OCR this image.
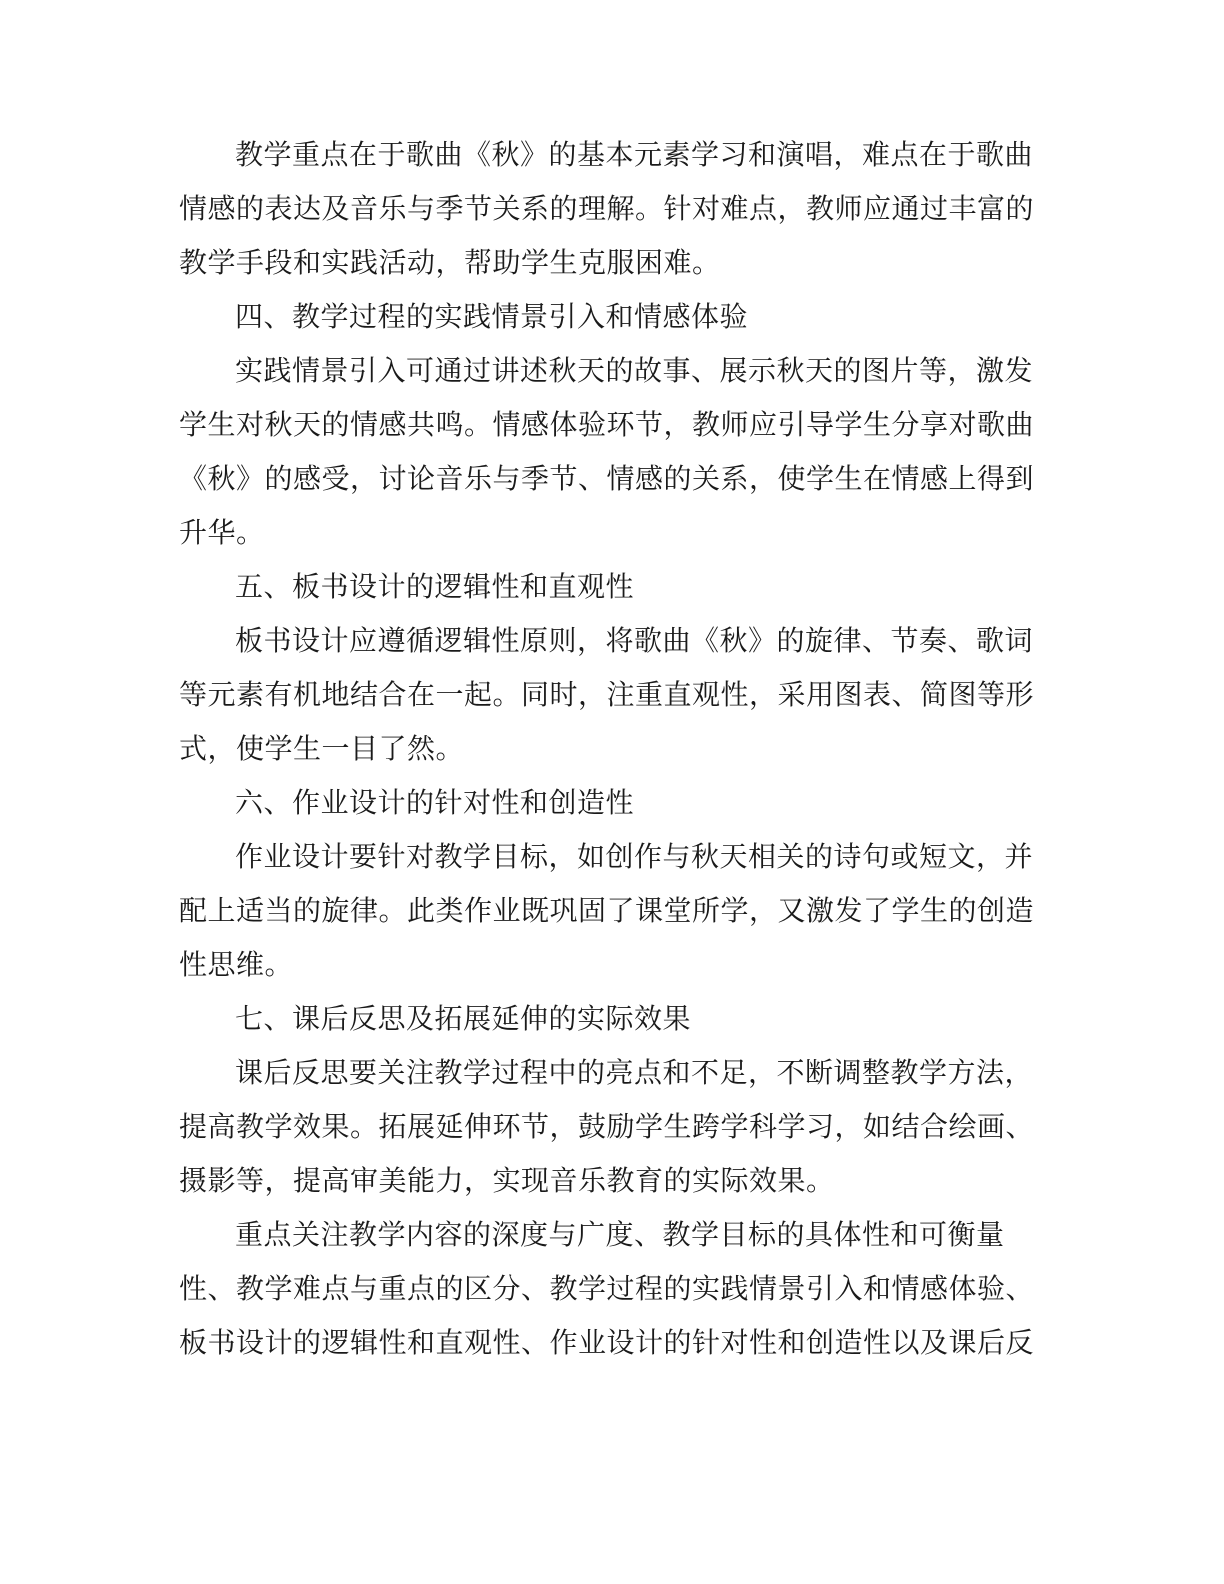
教学重点在于歌曲《秋》的基本元素学习和演唱，难点在于歌曲
情感的表达及音乐与季节关系的理解。针对难点，教师应通过丰富的
教学手段和实践活动，帮助学生克服困难。
四、教学过程的实践情景引入和情感体验
实践情景引入可通过讲述秋天的故事、展示秋天的图片等，激发
学生对秋天的情感共鸣。情感体验环节，教师应引导学生分享对歌曲
《秋》的感受，讨论音乐与季节、情感的关系，使学生在情感上得到
升华。
五、板书设计的逻辑性和直观性
板书设计应遵循逻辑性原则，将歌曲《秋》的旋律、节奏、歌词
等元素有机地结合在一起。同时，注重直观性，采用图表、简图等形
式，使学生一目了然。
六、作业设计的针对性和创造性
作业设计要针对教学目标，如创作与秋天相关的诗句或短文，并
配上适当的旋律。此类作业既巩固了课堂所学，又激发了学生的创造
性思维。
七、课后反思及拓展延伸的实际效果
课后反思要关注教学过程中的亮点和不足，不断调整教学方法，
提高教学效果。拓展延伸环节，鼓励学生跨学科学习，如结合绘画、
摄影等，提高审美能力，实现音乐教育的实际效果。
重点关注教学内容的深度与广度、教学目标的具体性和可衡量
性、教学难点与重点的区分、教学过程的实践情景引入和情感体验、
板书设计的逻辑性和直观性、作业设计的针对性和创造性以及课后反
